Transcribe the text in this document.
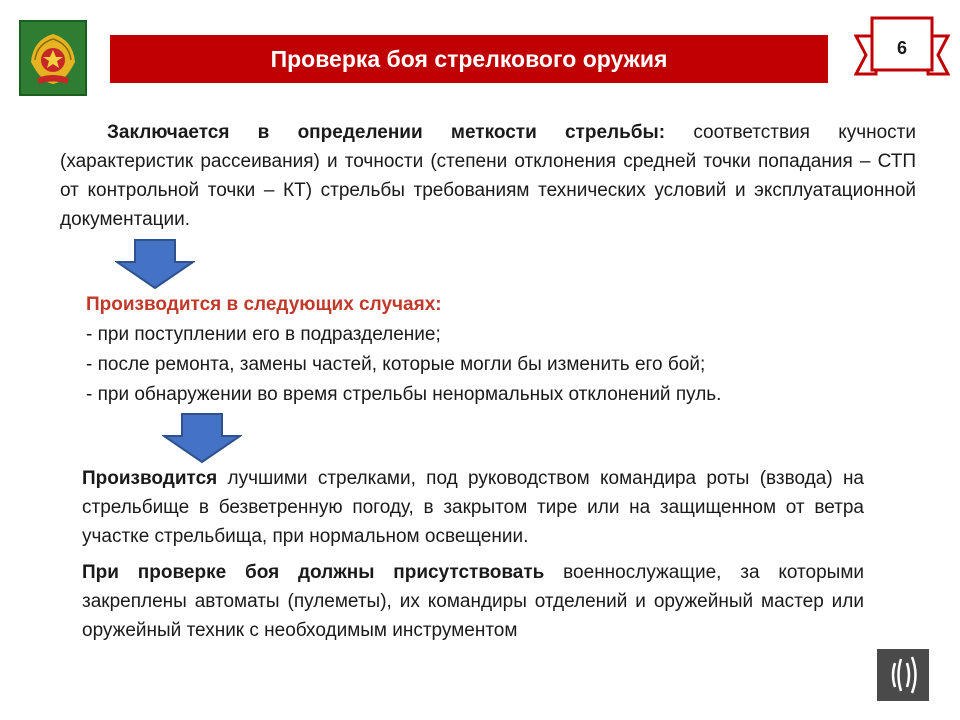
Проверка боя стрелкового оружия	6
Заключается в определении меткости стрельбы: соответствия кучности (характеристик рассеивания) и точности (степени отклонения средней точки попадания – СТП от контрольной точки – КТ) стрельбы требованиям технических условий и эксплуатационной документации.

Производится в следующих случаях:

- при поступлении его в подразделение;

- после ремонта, замены частей, которые могли бы изменить его бой;

- при обнаружении во время стрельбы ненормальных отклонений пуль.

Производится лучшими стрелками, под руководством командира роты (взвода) на стрельбище в безветренную погоду, в закрытом тире или на защищенном от ветра участке стрельбища, при нормальном освещении.

При проверке боя должны присутствовать военнослужащие, за которыми закреплены автоматы (пулеметы), их командиры отделений и оружейный мастер или оружейный техник с необходимым инструментом
